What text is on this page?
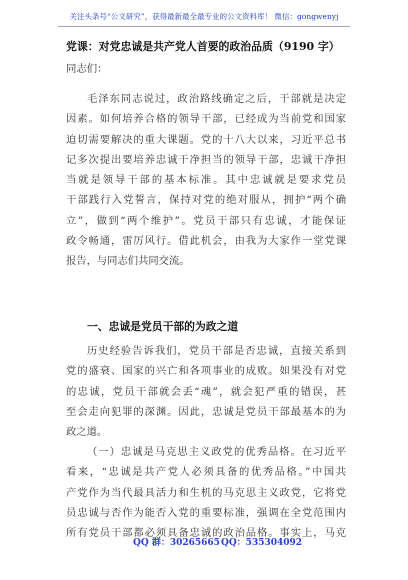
关注头条号“公文研究”，获得最新最全最专业的公文资料库！ 微信：gongwenyj
党课：对党忠诚是共产党人首要的政治品质（9190 字）
同志们：
毛泽东同志说过，政治路线确定之后，干部就是决定
因素。如何培养合格的领导干部，已经成为当前党和国家
迫切需要解决的重大课题。党的十八大以来，习近平总书
记多次提出要培养忠诚干净担当的领导干部，忠诚干净担
当就是领导干部的基本标准。其中忠诚就是要求党员
干部践行入党誓言，保持对党的绝对服从，拥护“两个确
立”，做到“两个维护”。党员干部只有忠诚，才能保证
政令畅通，雷厉风行。借此机会，由我为大家作一堂党课
报告，与同志们共同交流。
一、忠诚是党员干部的为政之道
历史经验告诉我们，党员干部是否忠诚，直接关系到
党的盛衰、国家的兴亡和各项事业的成败。如果没有对党
的忠诚，党员干部就会丢“魂”，就会犯严重的错误，甚
至会走向犯罪的深渊。因此，忠诚是党员干部最基本的为
政之道。
（一）忠诚是马克思主义政党的优秀品格。在习近平
看来，“忠诚是共产党人必须具备的优秀品格。”中国共
产党作为当代最具活力和生机的马克思主义政党，它将党
员忠诚与否作为能否入党的重要标准，强调在全党范围内
所有党员干部都必须具备忠诚的政治品格。事实上，马克
QQ 群：30265665 QQ：535304092
